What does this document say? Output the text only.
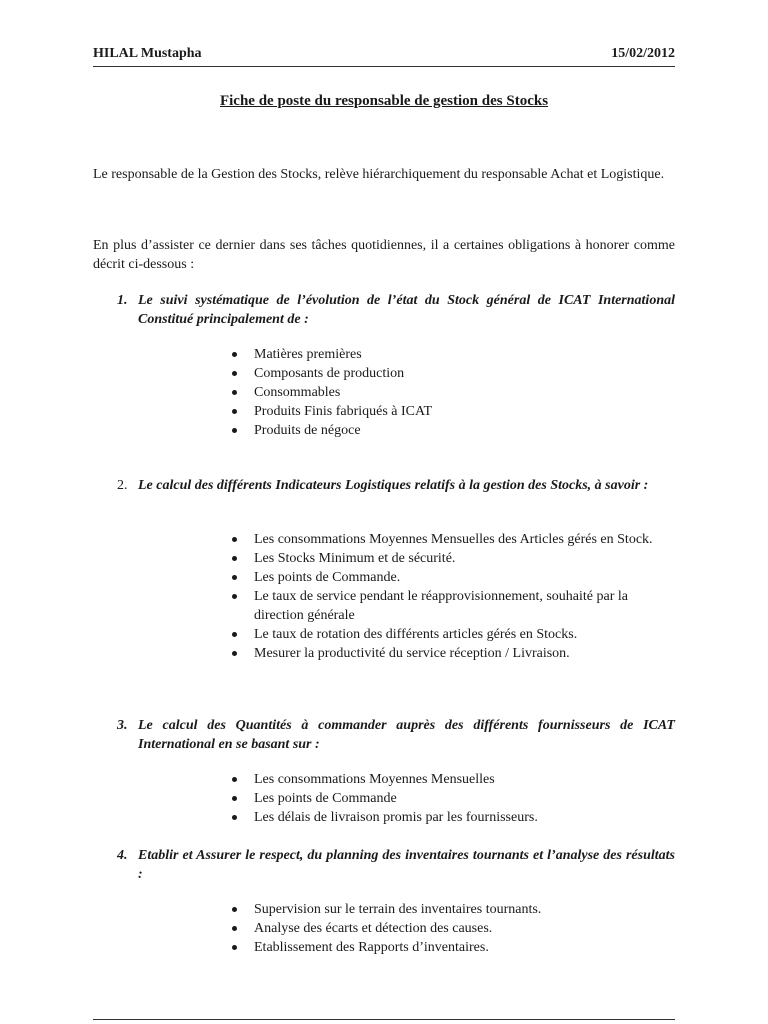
HILAL Mustapha	15/02/2012
Fiche de poste du responsable de gestion des Stocks
Le responsable de la Gestion des Stocks, relève hiérarchiquement du responsable Achat et Logistique.
En plus d’assister ce dernier dans ses tâches quotidiennes, il a certaines obligations à honorer comme décrit ci-dessous :
1. Le suivi systématique de l’évolution de l’état du Stock général de ICAT International Constitué principalement de :
Matières premières
Composants de production
Consommables
Produits Finis fabriqués à ICAT
Produits de négoce
2. Le calcul des différents Indicateurs Logistiques relatifs à la gestion des Stocks, à savoir :
Les consommations Moyennes Mensuelles des Articles gérés en Stock.
Les Stocks Minimum et de sécurité.
Les points de Commande.
Le taux de service pendant le réapprovisionnement, souhaité par la direction générale
Le taux de rotation des différents articles gérés en Stocks.
Mesurer la productivité du service réception / Livraison.
3. Le calcul des Quantités à commander auprès des différents fournisseurs de ICAT International en se basant sur :
Les consommations Moyennes Mensuelles
Les points de Commande
Les délais de livraison promis par les fournisseurs.
4. Etablir et Assurer le respect, du planning des inventaires tournants et l’analyse des résultats :
Supervision sur le terrain des inventaires tournants.
Analyse des écarts et détection des causes.
Etablissement des Rapports d’inventaires.
